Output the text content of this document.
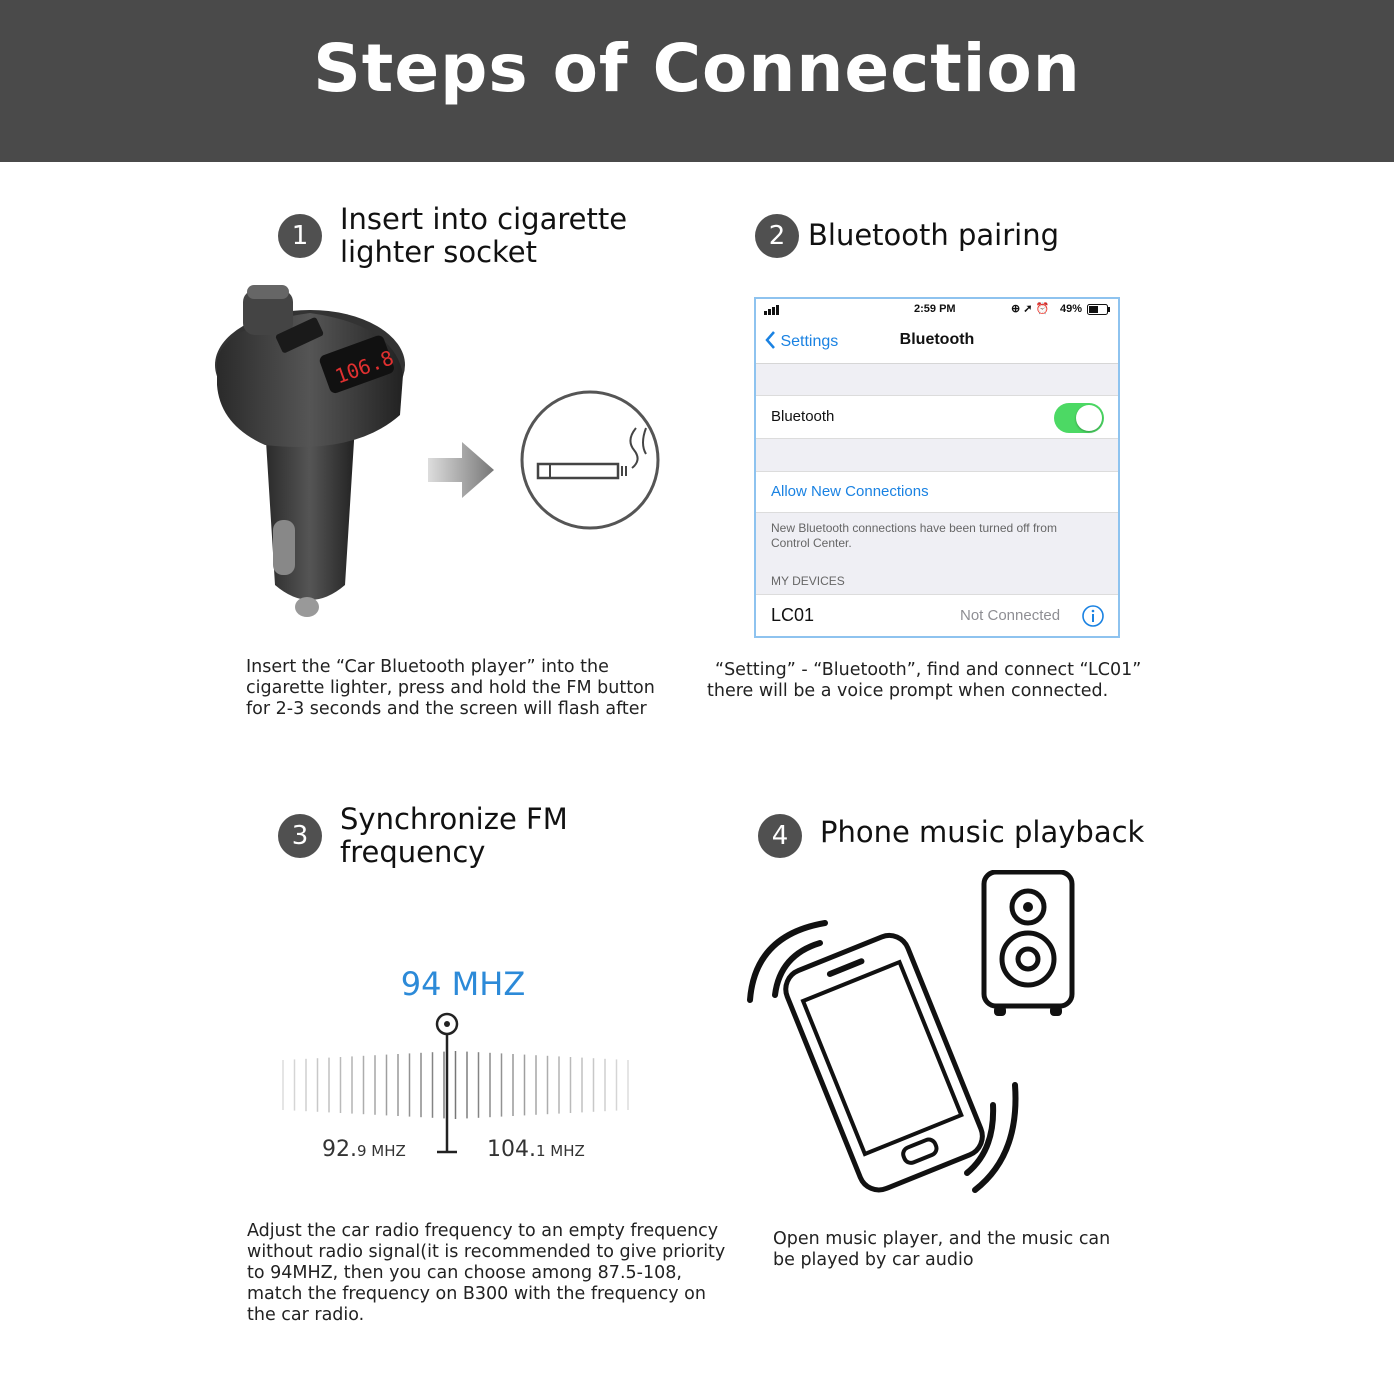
Steps of Connection
1	Insert into cigarette
lighter socket
106.8
Insert the “Car Bluetooth player” into the
cigarette lighter, press and hold the FM button
for 2-3 seconds and the screen will flash after
2 Bluetooth pairing
2:59 PM	⊕ ➚ ⏰ 49%
Settings	Bluetooth
Bluetooth
Allow New Connections
New Bluetooth connections have been turned off from
Control Center.
MY DEVICES
LC01	Not Connected
“Setting” - “Bluetooth”, find and connect “LC01”
there will be a voice prompt when connected.
3	Synchronize FM
frequency
94 MHZ
92.9 MHZ	104.1 MHZ
Adjust the car radio frequency to an empty frequency
without radio signal(it is recommended to give priority
to 94MHZ, then you can choose among 87.5-108,
match the frequency on B300 with the frequency on
the car radio.
4	Phone music playback
Open music player, and the music can
be played by car audio
